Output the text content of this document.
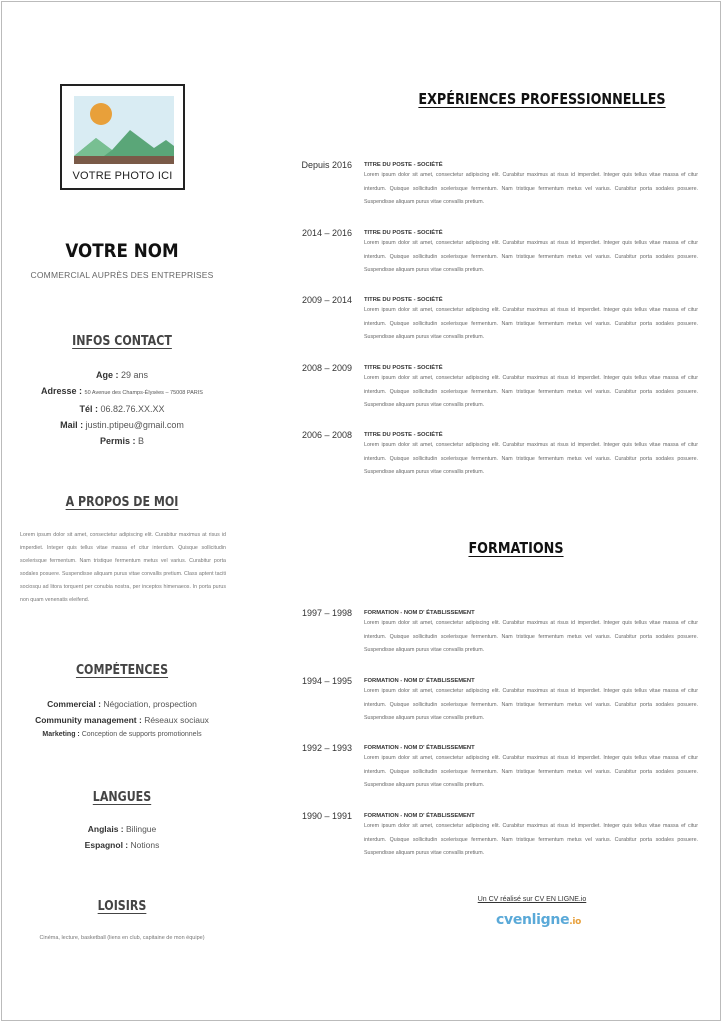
VOTRE PHOTO ICI
VOTRE NOM
COMMERCIAL AUPRÈS DES ENTREPRISES
INFOS CONTACT
Age : 29 ans
Adresse : 50 Avenue des Champs-Élysées – 75008 PARIS
Tél : 06.82.76.XX.XX
Mail : justin.ptipeu@gmail.com
Permis : B
A PROPOS DE MOI
Lorem ipsum dolor sit amet, consectetur adipiscing elit. Curabitur maximus at risus id imperdiet. Integer quis tellus vitae massa ef citur interdum. Quisque sollicitudin scelerisque fermentum. Nam tristique fermentum metus vel varius. Curabitur porta sodales posuere. Suspendisse aliquam purus vitae convallis pretium. Class aptent taciti sociosqu ad litora torquent per conubia nostra, per inceptos himenaeos. In porta purus non quam venenatis eleifend.
COMPÉTENCES
Commercial : Négociation, prospection
Community management : Réseaux sociaux
Marketing : Conception de supports promotionnels
LANGUES
Anglais : Bilingue
Espagnol : Notions
LOISIRS
Cinéma, lecture, basketball (liens en club, capitaine de mon équipe)
EXPÉRIENCES PROFESSIONNELLES
Depuis 2016 TITRE DU POSTE - SOCIÉTÉ
Lorem ipsum dolor sit amet, consectetur adipiscing elit. Curabitur maximus at risus id imperdiet. Integer quis tellus vitae massa ef citur interdum. Quisque sollicitudin scelerisque fermentum. Nam tristique fermentum metus vel varius. Curabitur porta sodales posuere. Suspendisse aliquam purus vitae convallis pretium.
2014 – 2016 TITRE DU POSTE - SOCIÉTÉ
Lorem ipsum dolor sit amet, consectetur adipiscing elit. Curabitur maximus at risus id imperdiet. Integer quis tellus vitae massa ef citur interdum. Quisque sollicitudin scelerisque fermentum. Nam tristique fermentum metus vel varius. Curabitur porta sodales posuere. Suspendisse aliquam purus vitae convallis pretium.
2009 – 2014 TITRE DU POSTE - SOCIÉTÉ
Lorem ipsum dolor sit amet, consectetur adipiscing elit. Curabitur maximus at risus id imperdiet. Integer quis tellus vitae massa ef citur interdum. Quisque sollicitudin scelerisque fermentum. Nam tristique fermentum metus vel varius. Curabitur porta sodales posuere. Suspendisse aliquam purus vitae convallis pretium.
2008 – 2009 TITRE DU POSTE - SOCIÉTÉ
Lorem ipsum dolor sit amet, consectetur adipiscing elit. Curabitur maximus at risus id imperdiet. Integer quis tellus vitae massa ef citur interdum. Quisque sollicitudin scelerisque fermentum. Nam tristique fermentum metus vel varius. Curabitur porta sodales posuere. Suspendisse aliquam purus vitae convallis pretium.
2006 – 2008 TITRE DU POSTE - SOCIÉTÉ
Lorem ipsum dolor sit amet, consectetur adipiscing elit. Curabitur maximus at risus id imperdiet. Integer quis tellus vitae massa ef citur interdum. Quisque sollicitudin scelerisque fermentum. Nam tristique fermentum metus vel varius. Curabitur porta sodales posuere. Suspendisse aliquam purus vitae convallis pretium.
FORMATIONS
1997 – 1998 FORMATION - NOM D' ÉTABLISSEMENT
Lorem ipsum dolor sit amet, consectetur adipiscing elit. Curabitur maximus at risus id imperdiet. Integer quis tellus vitae massa ef citur interdum. Quisque sollicitudin scelerisque fermentum. Nam tristique fermentum metus vel varius. Curabitur porta sodales posuere. Suspendisse aliquam purus vitae convallis pretium.
1994 – 1995 FORMATION - NOM D' ÉTABLISSEMENT
Lorem ipsum dolor sit amet, consectetur adipiscing elit. Curabitur maximus at risus id imperdiet. Integer quis tellus vitae massa ef citur interdum. Quisque sollicitudin scelerisque fermentum. Nam tristique fermentum metus vel varius. Curabitur porta sodales posuere. Suspendisse aliquam purus vitae convallis pretium.
1992 – 1993 FORMATION - NOM D' ÉTABLISSEMENT
Lorem ipsum dolor sit amet, consectetur adipiscing elit. Curabitur maximus at risus id imperdiet. Integer quis tellus vitae massa ef citur interdum. Quisque sollicitudin scelerisque fermentum. Nam tristique fermentum metus vel varius. Curabitur porta sodales posuere. Suspendisse aliquam purus vitae convallis pretium.
1990 – 1991 FORMATION - NOM D' ÉTABLISSEMENT
Lorem ipsum dolor sit amet, consectetur adipiscing elit. Curabitur maximus at risus id imperdiet. Integer quis tellus vitae massa ef citur interdum. Quisque sollicitudin scelerisque fermentum. Nam tristique fermentum metus vel varius. Curabitur porta sodales posuere. Suspendisse aliquam purus vitae convallis pretium.
Un CV réalisé sur CV EN LIGNE.io
cvenligne.io
